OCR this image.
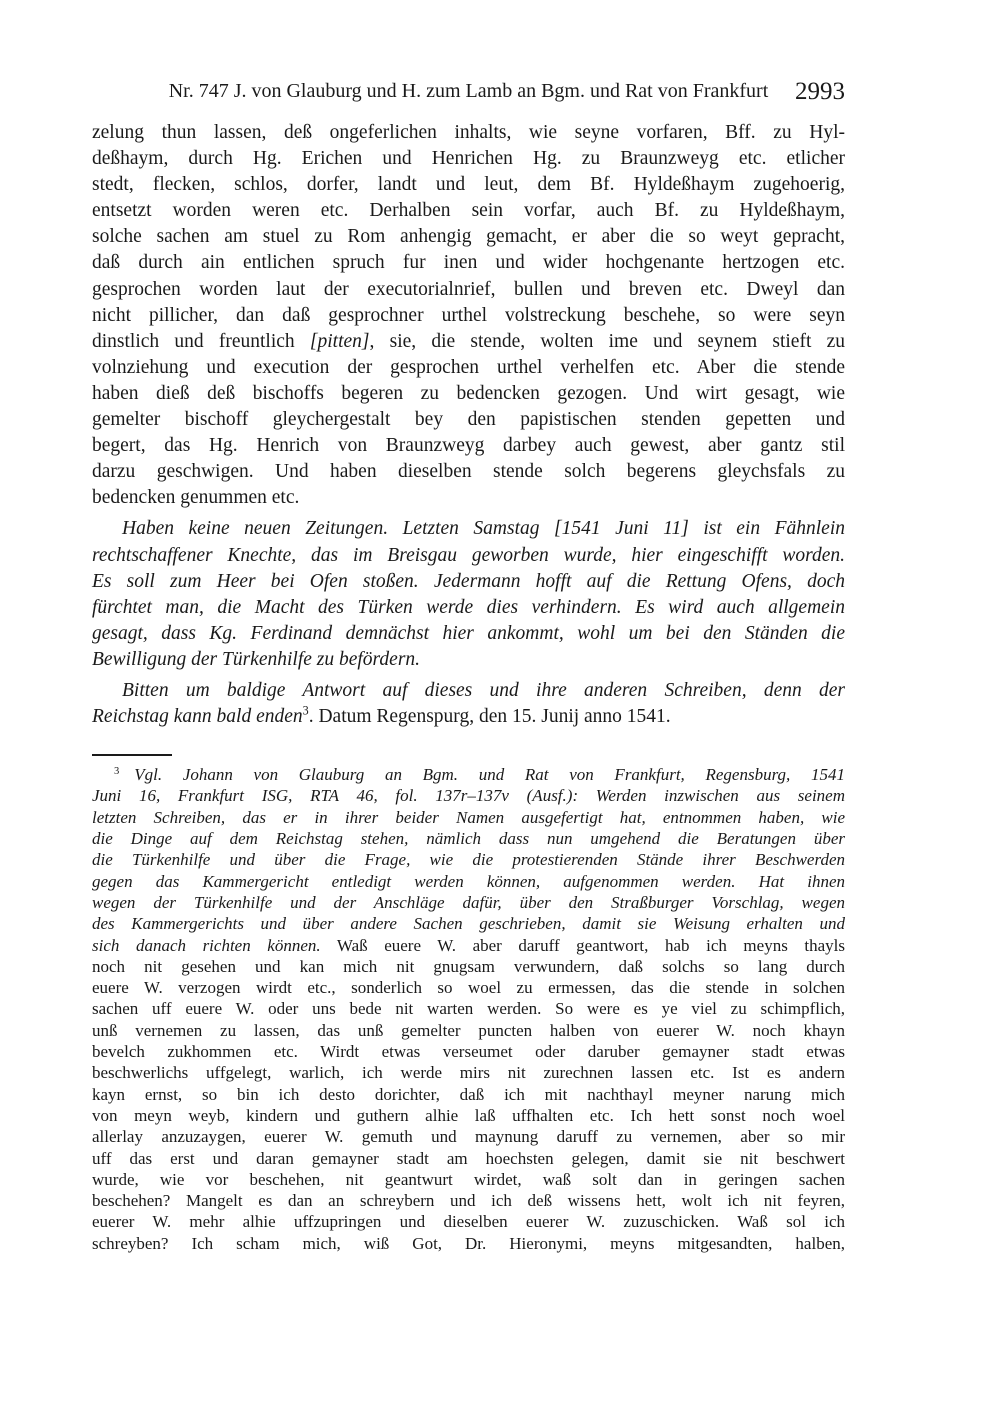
Nr. 747 J. von Glauburg und H. zum Lamb an Bgm. und Rat von Frankfurt	2993
zelung thun lassen, deß ongeferlichen inhalts, wie seyne vorfaren, Bff. zu Hyl-
deßhaym, durch Hg. Erichen und Henrichen Hg. zu Braunzweyg etc. etlicher
stedt, flecken, schlos, dorfer, landt und leut, dem Bf. Hyldeßhaym zugehoerig,
entsetzt worden weren etc. Derhalben sein vorfar, auch Bf. zu Hyldeßhaym,
solche sachen am stuel zu Rom anhengig gemacht, er aber die so weyt gepracht,
daß durch ain entlichen spruch fur inen und wider hochgenante hertzogen etc.
gesprochen worden laut der executorialnrief, bullen und breven etc. Dweyl dan
nicht pillicher, dan daß gesprochner urthel volstreckung beschehe, so were seyn
dinstlich und freuntlich [pitten], sie, die stende, wolten ime und seynem stieft zu
volnziehung und execution der gesprochen urthel verhelfen etc. Aber die stende
haben dieß deß bischoffs begeren zu bedencken gezogen. Und wirt gesagt, wie
gemelter bischoff gleychergestalt bey den papistischen stenden gepetten und
begert, das Hg. Henrich von Braunzweyg darbey auch gewest, aber gantz stil
darzu geschwigen. Und haben dieselben stende solch begerens gleychsfals zu
bedencken genummen etc.
Haben keine neuen Zeitungen. Letzten Samstag [1541 Juni 11] ist ein Fähnlein
rechtschaffener Knechte, das im Breisgau geworben wurde, hier eingeschifft worden.
Es soll zum Heer bei Ofen stoßen. Jedermann hofft auf die Rettung Ofens, doch
fürchtet man, die Macht des Türken werde dies verhindern. Es wird auch allgemein
gesagt, dass Kg. Ferdinand demnächst hier ankommt, wohl um bei den Ständen die
Bewilligung der Türkenhilfe zu befördern.
Bitten um baldige Antwort auf dieses und ihre anderen Schreiben, denn der
Reichstag kann bald enden$^3$. Datum Regenspurg, den 15. Junij anno 1541.
$^3$ Vgl. Johann von Glauburg an Bgm. und Rat von Frankfurt, Regensburg, 1541
Juni 16, Frankfurt ISG, RTA 46, fol. 137r–137v (Ausf.): Werden inzwischen aus seinem
letzten Schreiben, das er in ihrer beider Namen ausgefertigt hat, entnommen haben, wie
die Dinge auf dem Reichstag stehen, nämlich dass nun umgehend die Beratungen über
die Türkenhilfe und über die Frage, wie die protestierenden Stände ihrer Beschwerden
gegen das Kammergericht entledigt werden können, aufgenommen werden. Hat ihnen
wegen der Türkenhilfe und der Anschläge dafür, über den Straßburger Vorschlag, wegen
des Kammergerichts und über andere Sachen geschrieben, damit sie Weisung erhalten und
sich danach richten können. Waß euere W. aber daruff geantwort, hab ich meyns thayls
noch nit gesehen und kan mich nit gnugsam verwundern, daß solchs so lang durch
euere W. verzogen wirdt etc., sonderlich so woel zu ermessen, das die stende in solchen
sachen uff euere W. oder uns bede nit warten werden. So were es ye viel zu schimpflich,
unß vernemen zu lassen, das unß gemelter puncten halben von euerer W. noch khayn
bevelch zukhommen etc. Wirdt etwas verseumet oder daruber gemayner stadt etwas
beschwerlichs uffgelegt, warlich, ich werde mirs nit zurechnen lassen etc. Ist es andern
kayn ernst, so bin ich desto dorichter, daß ich mit nachthayl meyner narung mich
von meyn weyb, kindern und guthern alhie laß uffhalten etc. Ich hett sonst noch woel
allerlay anzuzaygen, euerer W. gemuth und maynung daruff zu vernemen, aber so mir
uff das erst und daran gemayner stadt am hoechsten gelegen, damit sie nit beschwert
wurde, wie vor beschehen, nit geantwurt wirdet, waß solt dan in geringen sachen
beschehen? Mangelt es dan an schreybern und ich deß wissens hett, wolt ich nit feyren,
euerer W. mehr alhie uffzupringen und dieselben euerer W. zuzuschicken. Waß sol ich
schreyben? Ich scham mich, wiß Got, Dr. Hieronymi, meyns mitgesandten, halben,
